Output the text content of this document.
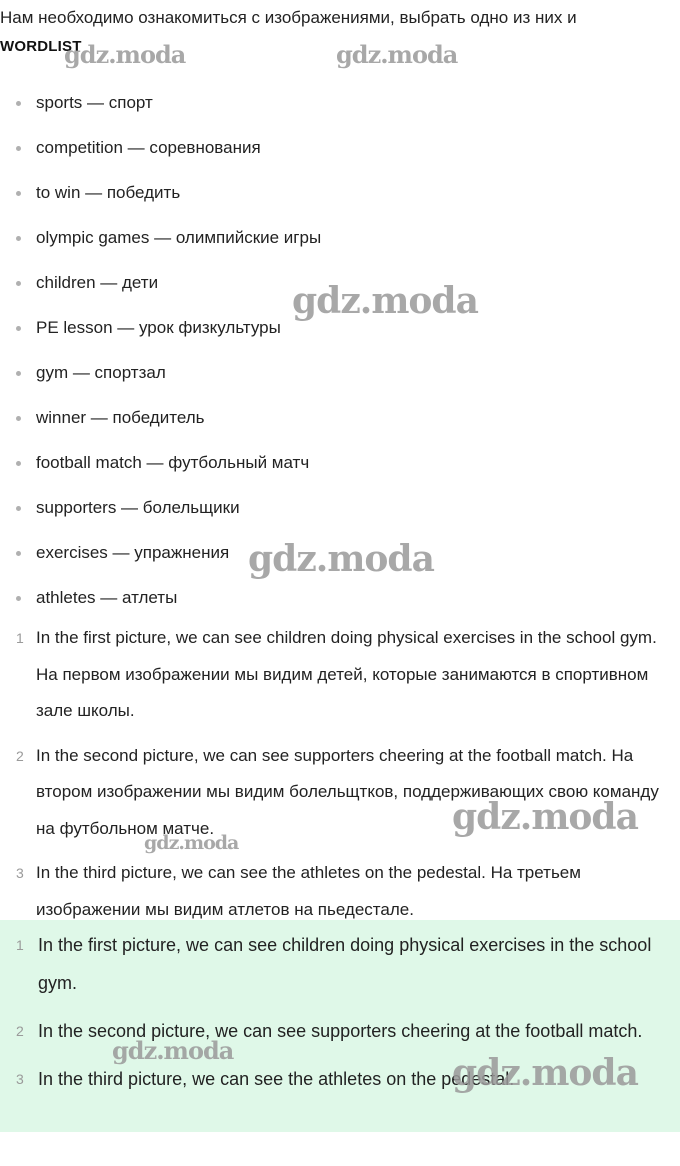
Нам необходимо ознакомиться с изображениями, выбрать одно из них и
WORDLIST
sports — спорт
competition — соревнования
to win — победить
olympic games — олимпийские игры
children — дети
PE lesson — урок физкультуры
gym — спортзал
winner — победитель
football match — футбольный матч
supporters — болельщики
exercises — упражнения
athletes — атлеты
1 In the first picture, we can see children doing physical exercises in the school gym. На первом изображении мы видим детей, которые занимаются в спортивном зале школы.
2 In the second picture, we can see supporters cheering at the football match. На втором изображении мы видим болельщтков, поддерживающих свою команду на футбольном матче.
3 In the third picture, we can see the athletes on the pedestal. На третьем изображении мы видим атлетов на пьедестале.
1 In the first picture, we can see children doing physical exercises in the school gym.
2 In the second picture, we can see supporters cheering at the football match.
3 In the third picture, we can see the athletes on the pedestal.
gdz.moda	gdz.moda
gdz.moda
gdz.moda
gdz.moda
gdz.moda
gdz.moda
gdz.moda
